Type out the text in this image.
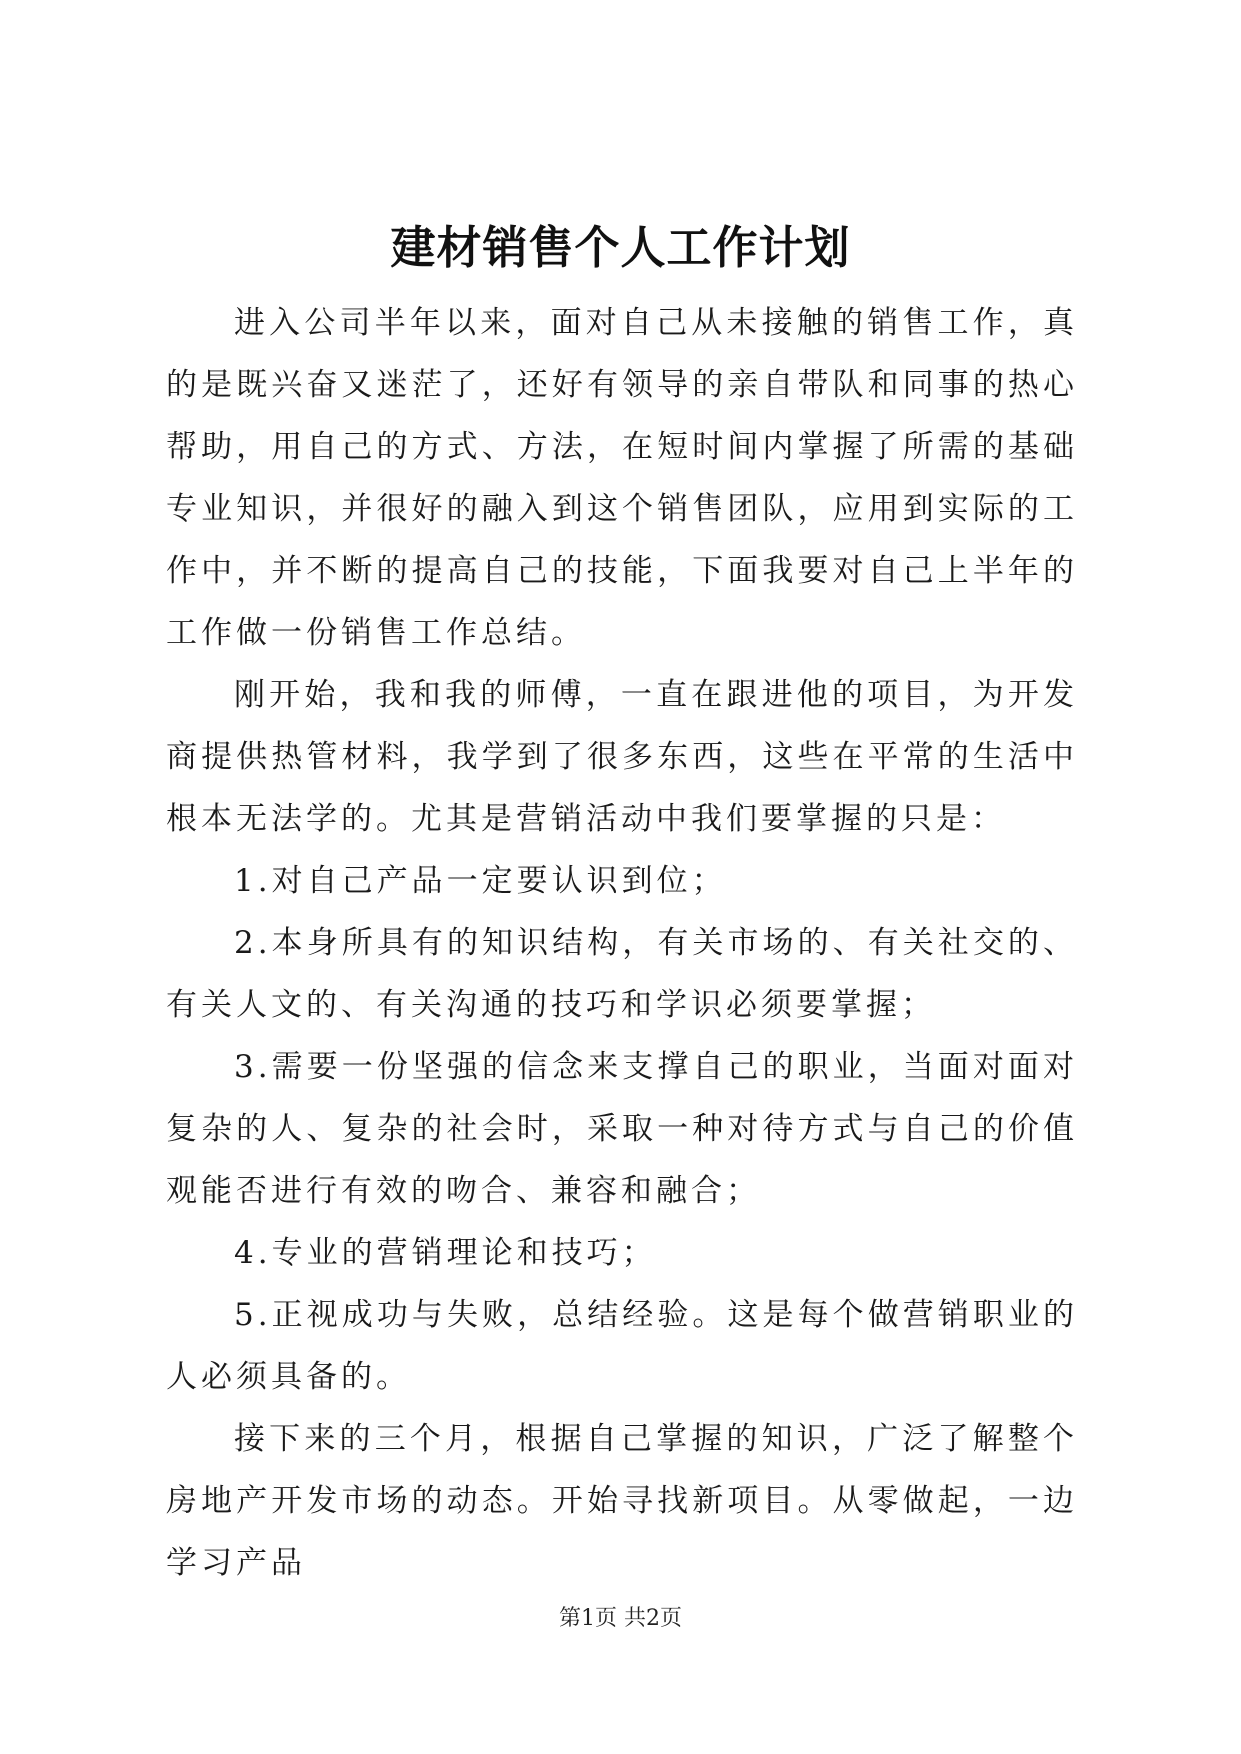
建材销售个人工作计划

进入公司半年以来，面对自己从未接触的销售工作，真的是既兴奋又迷茫了，还好有领导的亲自带队和同事的热心帮助，用自己的方式、方法，在短时间内掌握了所需的基础专业知识，并很好的融入到这个销售团队，应用到实际的工作中，并不断的提高自己的技能，下面我要对自己上半年的工作做一份销售工作总结。

刚开始，我和我的师傅，一直在跟进他的项目，为开发商提供热管材料，我学到了很多东西，这些在平常的生活中根本无法学的。尤其是营销活动中我们要掌握的只是：

1.对自己产品一定要认识到位；

2.本身所具有的知识结构，有关市场的、有关社交的、有关人文的、有关沟通的技巧和学识必须要掌握；

3.需要一份坚强的信念来支撑自己的职业，当面对面对复杂的人、复杂的社会时，采取一种对待方式与自己的价值观能否进行有效的吻合、兼容和融合；

4.专业的营销理论和技巧；

5.正视成功与失败，总结经验。这是每个做营销职业的人必须具备的。

接下来的三个月，根据自己掌握的知识，广泛了解整个房地产开发市场的动态。开始寻找新项目。从零做起，一边学习产品

第1页 共2页
